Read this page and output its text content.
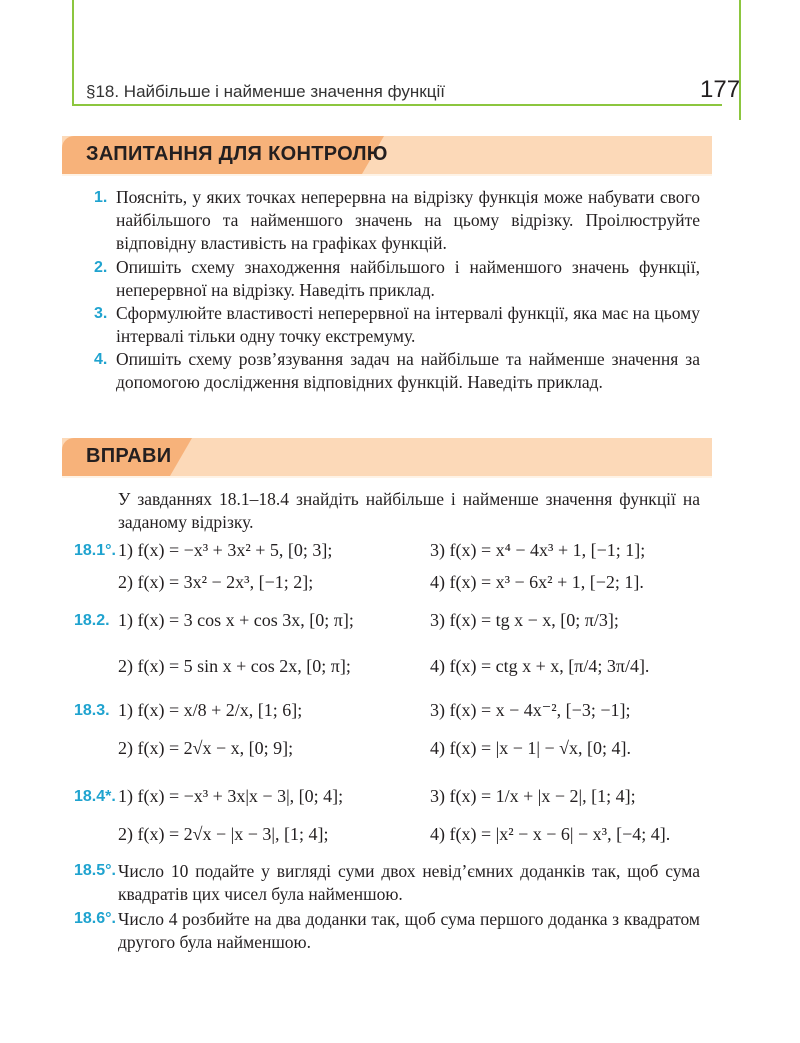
§18. Найбільше і найменше значення функції	177
ЗАПИТАННЯ ДЛЯ КОНТРОЛЮ
1. Поясніть, у яких точках неперервна на відрізку функція може набувати свого найбільшого та найменшого значень на цьому відрізку. Проілюструйте відповідну властивість на графіках функцій.
2. Опишіть схему знаходження найбільшого і найменшого значень функції, неперервної на відрізку. Наведіть приклад.
3. Сформулюйте властивості неперервної на інтервалі функції, яка має на цьому інтервалі тільки одну точку екстремуму.
4. Опишіть схему розв’язування задач на найбільше та найменше значення за допомогою дослідження відповідних функцій. Наведіть приклад.
ВПРАВИ
У завданнях 18.1–18.4 знайдіть найбільше і найменше значення функції на заданому відрізку.
18.1°. 1) f(x) = −x³ + 3x² + 5, [0; 3];	3) f(x) = x⁴ − 4x³ + 1, [−1; 1];
2) f(x) = 3x² − 2x³, [−1; 2];	4) f(x) = x³ − 6x² + 1, [−2; 1].
18.2. 1) f(x) = 3 cos x + cos 3x, [0; π];	3) f(x) = tg x − x, [0; π/3];
2) f(x) = 5 sin x + cos 2x, [0; π];	4) f(x) = ctg x + x, [π/4; 3π/4].
18.3. 1) f(x) = x/8 + 2/x, [1; 6];	3) f(x) = x − 4x⁻², [−3; −1];
2) f(x) = 2√x − x, [0; 9];	4) f(x) = |x − 1| − √x, [0; 4].
18.4*. 1) f(x) = −x³ + 3x|x − 3|, [0; 4];	3) f(x) = 1/x + |x − 2|, [1; 4];
2) f(x) = 2√x − |x − 3|, [1; 4];	4) f(x) = |x² − x − 6| − x³, [−4; 4].
18.5°. Число 10 подайте у вигляді суми двох невід’ємних доданків так, щоб сума квадратів цих чисел була найменшою.
18.6°. Число 4 розбийте на два доданки так, щоб сума першого доданка з квадратом другого була найменшою.
